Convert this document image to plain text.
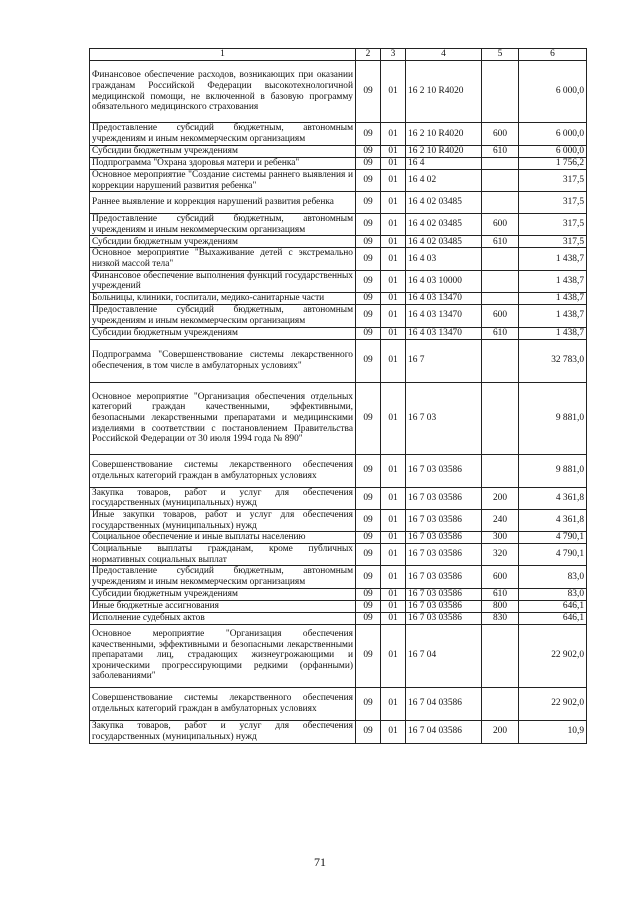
1	2	3	4	5	6
Финансовое обеспечение расходов, возникающих при оказании гражданам Российской Федерации высокотехнологичной медицинской помощи, не включенной в базовую программу обязательного медицинского страхования	09	01	16 2 10 R4020		6 000,0
Предоставление субсидий бюджетным, автономным учреждениям и иным некоммерческим организациям	09	01	16 2 10 R4020	600	6 000,0
Субсидии бюджетным учреждениям	09	01	16 2 10 R4020	610	6 000,0
Подпрограмма "Охрана здоровья матери и ребенка"	09	01	16 4		1 756,2
Основное мероприятие "Создание системы раннего выявления и коррекции нарушений развития ребенка"	09	01	16 4 02		317,5
Раннее выявление и коррекция нарушений развития ребенка	09	01	16 4 02 03485		317,5
Предоставление субсидий бюджетным, автономным учреждениям и иным некоммерческим организациям	09	01	16 4 02 03485	600	317,5
Субсидии бюджетным учреждениям	09	01	16 4 02 03485	610	317,5
Основное мероприятие "Выхаживание детей с экстремально низкой массой тела"	09	01	16 4 03		1 438,7
Финансовое обеспечение выполнения функций государственных учреждений	09	01	16 4 03 10000		1 438,7
Больницы, клиники, госпитали, медико-санитарные части	09	01	16 4 03 13470		1 438,7
Предоставление субсидий бюджетным, автономным учреждениям и иным некоммерческим организациям	09	01	16 4 03 13470	600	1 438,7
Субсидии бюджетным учреждениям	09	01	16 4 03 13470	610	1 438,7
Подпрограмма "Совершенствование системы лекарственного обеспечения, в том числе в амбулаторных условиях"	09	01	16 7		32 783,0
Основное мероприятие "Организация обеспечения отдельных категорий граждан качественными, эффективными, безопасными лекарственными препаратами и медицинскими изделиями в соответствии с постановлением Правительства Российской Федерации от 30 июля 1994 года № 890"	09	01	16 7 03		9 881,0
Совершенствование системы лекарственного обеспечения отдельных категорий граждан в амбулаторных условиях	09	01	16 7 03 03586		9 881,0
Закупка товаров, работ и услуг для обеспечения государственных (муниципальных) нужд	09	01	16 7 03 03586	200	4 361,8
Иные закупки товаров, работ и услуг для обеспечения государственных (муниципальных) нужд	09	01	16 7 03 03586	240	4 361,8
Социальное обеспечение и иные выплаты населению	09	01	16 7 03 03586	300	4 790,1
Социальные выплаты гражданам, кроме публичных нормативных социальных выплат	09	01	16 7 03 03586	320	4 790,1
Предоставление субсидий бюджетным, автономным учреждениям и иным некоммерческим организациям	09	01	16 7 03 03586	600	83,0
Субсидии бюджетным учреждениям	09	01	16 7 03 03586	610	83,0
Иные бюджетные ассигнования	09	01	16 7 03 03586	800	646,1
Исполнение судебных актов	09	01	16 7 03 03586	830	646,1
Основное мероприятие "Организация обеспечения качественными, эффективными и безопасными лекарственными препаратами лиц, страдающих жизнеугрожающими и хроническими прогрессирующими редкими (орфанными) заболеваниями"	09	01	16 7 04		22 902,0
Совершенствование системы лекарственного обеспечения отдельных категорий граждан в амбулаторных условиях	09	01	16 7 04 03586		22 902,0
Закупка товаров, работ и услуг для обеспечения государственных (муниципальных) нужд	09	01	16 7 04 03586	200	10,9
71
